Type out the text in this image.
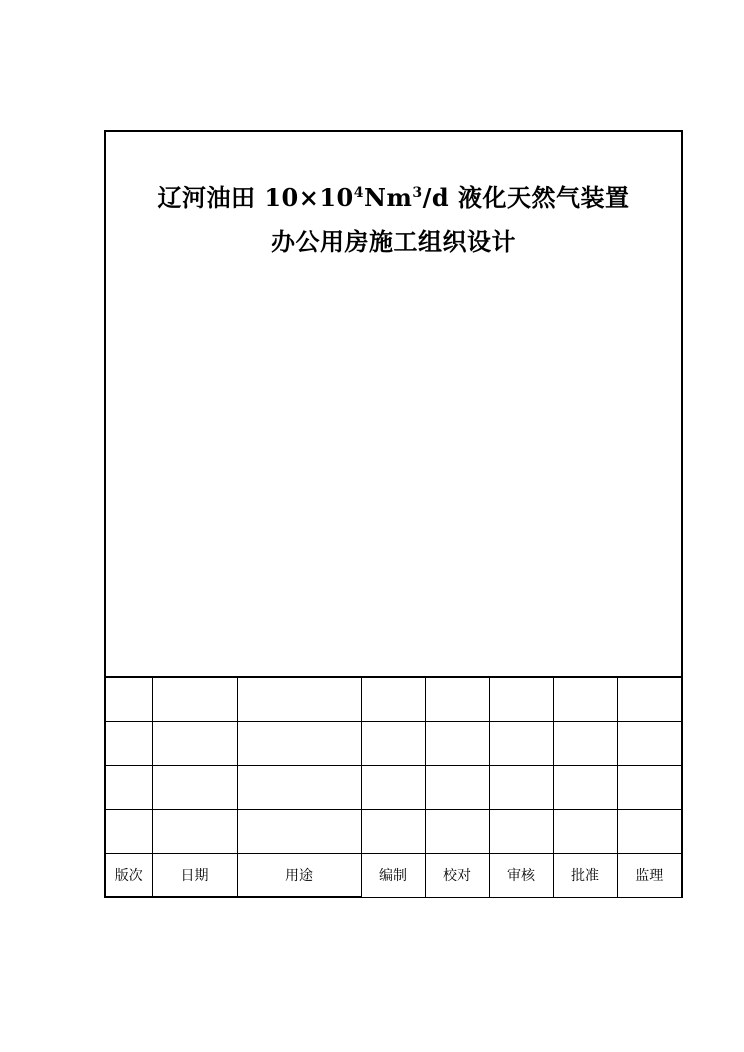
辽河油田 $10\times 10^4Nm^3/d$ 液化天然气装置
办公用房施工组织设计

版次	日期	用途	编制	校对	审核	批准	监理
